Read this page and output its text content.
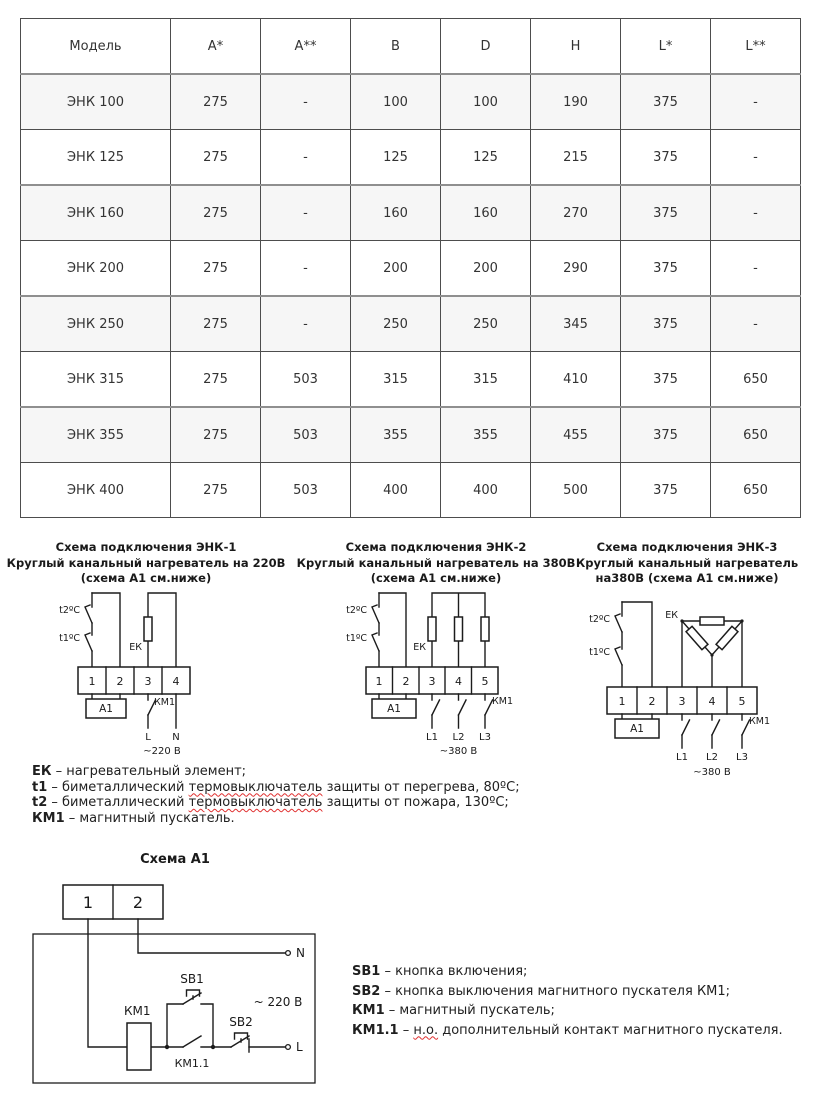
Модель	A*	A**	B	D	H	L*	L**
ЭНК 100	275	-	100	100	190	375	-
ЭНК 125	275	-	125	125	215	375	-
ЭНК 160	275	-	160	160	270	375	-
ЭНК 200	275	-	200	200	290	375	-
ЭНК 250	275	-	250	250	345	375	-
ЭНК 315	275	503	315	315	410	375	650
ЭНК 355	275	503	355	355	455	375	650
ЭНК 400	275	503	400	400	500	375	650
Схема подключения ЭНК-1
Круглый канальный нагреватель на 220В
(схема А1 см.ниже)
Схема подключения ЭНК-2
Круглый канальный нагреватель на 380В
(схема А1 см.ниже)
Схема подключения ЭНК-3
Круглый канальный нагреватель
на380В (схема А1 см.ниже)
t2ºC
t1ºC
ЕК
1 2 3 4
А1
КМ1
L N
~220 В
t2ºC
t1ºC
ЕК
1 2 3 4 5
А1
КМ1
L1 L2 L3
~380 В
t2ºC
t1ºC
ЕК
1 2 3 4 5
А1
КМ1
L1 L2 L3
~380 В
ЕК – нагревательный элемент;
t1 – биметаллический термовыключатель защиты от перегрева, 80ºС;
t2 – биметаллический термовыключатель защиты от пожара, 130ºС;
КМ1 – магнитный пускатель.
Схема А1
1 2
N
L
~ 220 В
КМ1
КМ1.1
SB1
SB2
SB1 – кнопка включения;
SB2 – кнопка выключения магнитного пускателя КМ1;
КМ1 – магнитный пускатель;
КМ1.1 – н.о. дополнительный контакт магнитного пускателя.
